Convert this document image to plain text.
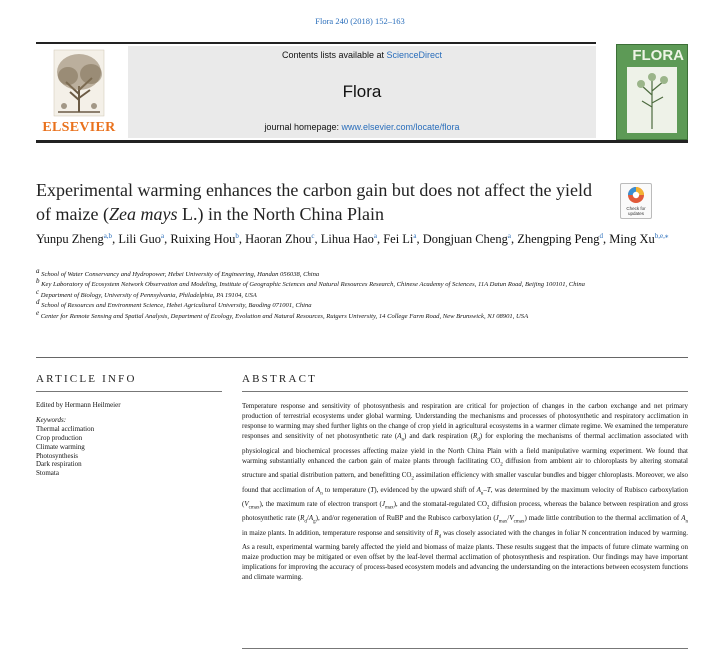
Flora 240 (2018) 152–163
ELSEVIER
Contents lists available at ScienceDirect
Flora
journal homepage: www.elsevier.com/locate/flora
FLORA
Experimental warming enhances the carbon gain but does not affect the yield of maize (Zea mays L.) in the North China Plain	Check for updates
Yunpu Zheng$^{a,b}$, Lili Guo$^a$, Ruixing Hou$^b$, Haoran Zhou$^c$, Lihua Hao$^a$, Fei Li$^a$, Dongjuan Cheng$^a$, Zhengping Peng$^d$, Ming $Xu^{b,e,⁎}$

$^a$ School of Water Conservancy and Hydropower, Hebei University of Engineering, Handan 056038, China

$^b$ Key Laboratory of Ecosystem Network Observation and Modeling, Institute of Geographic Sciences and Natural Resources Research, Chinese Academy of Sciences, 11A Datun Road, Beijing 100101, China

$^c$ Department of Biology, University of Pennsylvania, Philadelphia, PA 19104, USA

$^d$ School of Resources and Environment Science, Hebei Agricultural University, Baoding 071001, China

$^e$ Center for Remote Sensing and Spatial Analysis, Department of Ecology, Evolution and Natural Resources, Rutgers University, 14 College Farm Road, New Brunswick, NJ 08901, USA

ARTICLE INFO
Edited by Hermann Heilmeier
Keywords:
Thermal acclimation
Crop production
Climate warming
Photosynthesis
Dark respiration
Stomata
ABSTRACT
Temperature response and sensitivity of photosynthesis and respiration are critical for projection of changes in the carbon exchange and net primary production of terrestrial ecosystems under global warming. Understanding the mechanisms and processes of photosynthetic and respiratory acclimation in response to warming may shed further lights on the change of crop yield in agricultural ecosystems in a warmer climate regime. We examined the temperature responses and sensitivity of net photosynthetic rate $(A_n)$ and dark respiration $(R_d)$ for exploring the mechanisms of thermal acclimation associated with physiological and biochemical processes affecting maize yield in the North China Plain with a field manipulative warming experiment. We found that warming substantially enhanced the carbon gain of maize plants through facilitating $CO_2$ diffusion from ambient air to chloroplasts by altering stomatal structure and spatial distribution pattern, and benefitting $CO_2$ assimilation efficiency with smaller vascular bundles and bigger chloroplasts. Moreover, we also found that acclimation of $A_n$ to temperature (T), evidenced by the upward shift of $A_n-T$, was determined by the maximum velocity of Rubisco carboxylation $(V_{cmax})$, the maximum rate of electron transport $(J_{max})$, and the stomatal-regulated $CO_2$ diffusion process, whereas the balance between respiration and gross photosynthetic rate $(R_d/A_g)$, and/or regeneration of RuBP and the Rubisco carboxylation $(J_{max}/V_{cmax})$ made little contribution to the thermal acclimation of $A_n$ in maize plants. In addition, temperature response and sensitivity of $R_d$ was closely associated with the changes in foliar N concentration induced by warming. As a result, experimental warming barely affected the yield and biomass of maize plants. These results suggest that the impacts of future climate warming on maize production may be mitigated or even offset by the leaf-level thermal acclimation of photosynthesis and respiration. Our findings may have important implications for improving the accuracy of process-based ecosystem models and advancing the understanding on the interactions between ecosystem functions and climate warming.
